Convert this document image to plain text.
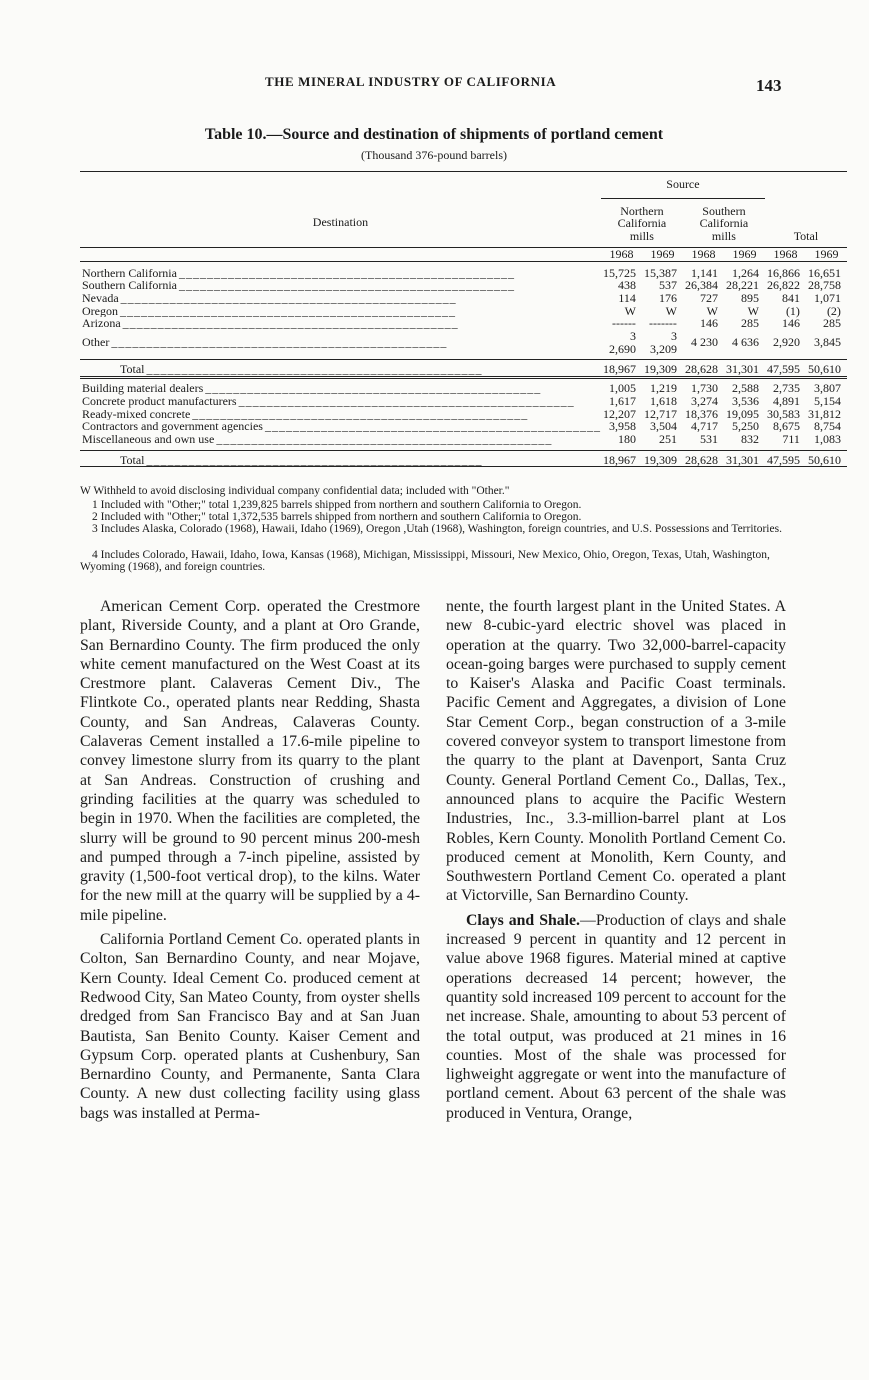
THE MINERAL INDUSTRY OF CALIFORNIA	143
Table 10.—Source and destination of shipments of portland cement
(Thousand 376-pound barrels)

Destination	Source					
	Northern California mills		Southern California mills		Total	
	1968	1969	1968	1969	1968	1969

Northern California _ _ _ _ _ _ _ _ _ _ _ _ _ _ _ _ _ _ _ _ _ _ _ _ _ _ _ _ _ _ _ _ _ _ _ _ _ _ _ _ _ _ _ _ _ _ _ _	15,725	15,387	1,141	1,264	16,866	16,651
Southern California _ _ _ _ _ _ _ _ _ _ _ _ _ _ _ _ _ _ _ _ _ _ _ _ _ _ _ _ _ _ _ _ _ _ _ _ _ _ _ _ _ _ _ _ _ _ _ _	438	537	26,384	28,221	26,822	28,758
Nevada _ _ _ _ _ _ _ _ _ _ _ _ _ _ _ _ _ _ _ _ _ _ _ _ _ _ _ _ _ _ _ _ _ _ _ _ _ _ _ _ _ _ _ _ _ _ _ _	114	176	727	895	841	1,071
Oregon _ _ _ _ _ _ _ _ _ _ _ _ _ _ _ _ _ _ _ _ _ _ _ _ _ _ _ _ _ _ _ _ _ _ _ _ _ _ _ _ _ _ _ _ _ _ _ _	W	W	W	W	(1)	(2)
Arizona _ _ _ _ _ _ _ _ _ _ _ _ _ _ _ _ _ _ _ _ _ _ _ _ _ _ _ _ _ _ _ _ _ _ _ _ _ _ _ _ _ _ _ _ _ _ _ _	------	-------	146	285	146	285
Other _ _ _ _ _ _ _ _ _ _ _ _ _ _ _ _ _ _ _ _ _ _ _ _ _ _ _ _ _ _ _ _ _ _ _ _ _ _ _ _ _ _ _ _ _ _ _ _	3 2,690	3 3,209	4 230	4 636	2,920	3,845

Total _ _ _ _ _ _ _ _ _ _ _ _ _ _ _ _ _ _ _ _ _ _ _ _ _ _ _ _ _ _ _ _ _ _ _ _ _ _ _ _ _ _ _ _ _ _ _ _	18,967	19,309	28,628	31,301	47,595	50,610

Building material dealers _ _ _ _ _ _ _ _ _ _ _ _ _ _ _ _ _ _ _ _ _ _ _ _ _ _ _ _ _ _ _ _ _ _ _ _ _ _ _ _ _ _ _ _ _ _ _ _	1,005	1,219	1,730	2,588	2,735	3,807
Concrete product manufacturers _ _ _ _ _ _ _ _ _ _ _ _ _ _ _ _ _ _ _ _ _ _ _ _ _ _ _ _ _ _ _ _ _ _ _ _ _ _ _ _ _ _ _ _ _ _ _ _	1,617	1,618	3,274	3,536	4,891	5,154
Ready-mixed concrete _ _ _ _ _ _ _ _ _ _ _ _ _ _ _ _ _ _ _ _ _ _ _ _ _ _ _ _ _ _ _ _ _ _ _ _ _ _ _ _ _ _ _ _ _ _ _ _	12,207	12,717	18,376	19,095	30,583	31,812
Contractors and government agencies _ _ _ _ _ _ _ _ _ _ _ _ _ _ _ _ _ _ _ _ _ _ _ _ _ _ _ _ _ _ _ _ _ _ _ _ _ _ _ _ _ _ _ _ _ _ _ _	3,958	3,504	4,717	5,250	8,675	8,754
Miscellaneous and own use _ _ _ _ _ _ _ _ _ _ _ _ _ _ _ _ _ _ _ _ _ _ _ _ _ _ _ _ _ _ _ _ _ _ _ _ _ _ _ _ _ _ _ _ _ _ _ _	180	251	531	832	711	1,083

Total _ _ _ _ _ _ _ _ _ _ _ _ _ _ _ _ _ _ _ _ _ _ _ _ _ _ _ _ _ _ _ _ _ _ _ _ _ _ _ _ _ _ _ _ _ _ _ _	18,967	19,309	28,628	31,301	47,595	50,610

W Withheld to avoid disclosing individual company confidential data; included with "Other."
1 Included with "Other;" total 1,239,825 barrels shipped from northern and southern California to Oregon.
2 Included with "Other;" total 1,372,535 barrels shipped from northern and southern California to Oregon.
3 Includes Alaska, Colorado (1968), Hawaii, Idaho (1969), Oregon ,Utah (1968), Washington, foreign countries, and U.S. Possessions and Territories.
4 Includes Colorado, Hawaii, Idaho, Iowa, Kansas (1968), Michigan, Mississippi, Missouri, New Mexico, Ohio, Oregon, Texas, Utah, Washington, Wyoming (1968), and foreign countries.

American Cement Corp. operated the Crestmore plant, Riverside County, and a plant at Oro Grande, San Bernardino County. The firm produced the only white cement manufactured on the West Coast at its Crestmore plant. Calaveras Cement Div., The Flintkote Co., operated plants near Redding, Shasta County, and San Andreas, Calaveras County. Calaveras Cement installed a 17.6-mile pipeline to convey limestone slurry from its quarry to the plant at San Andreas. Construction of crushing and grinding facilities at the quarry was scheduled to begin in 1970. When the facilities are completed, the slurry will be ground to 90 percent minus 200-mesh and pumped through a 7-inch pipeline, assisted by gravity (1,500-foot vertical drop), to the kilns. Water for the new mill at the quarry will be supplied by a 4-mile pipeline.

California Portland Cement Co. operated plants in Colton, San Bernardino County, and near Mojave, Kern County. Ideal Cement Co. produced cement at Redwood City, San Mateo County, from oyster shells dredged from San Francisco Bay and at San Juan Bautista, San Benito County. Kaiser Cement and Gypsum Corp. operated plants at Cushenbury, San Bernardino County, and Permanente, Santa Clara County. A new dust collecting facility using glass bags was installed at Perma-

nente, the fourth largest plant in the United States. A new 8-cubic-yard electric shovel was placed in operation at the quarry. Two 32,000-barrel-capacity ocean-going barges were purchased to supply cement to Kaiser's Alaska and Pacific Coast terminals. Pacific Cement and Aggregates, a division of Lone Star Cement Corp., began construction of a 3-mile covered conveyor system to transport limestone from the quarry to the plant at Davenport, Santa Cruz County. General Portland Cement Co., Dallas, Tex., announced plans to acquire the Pacific Western Industries, Inc., 3.3-million-barrel plant at Los Robles, Kern County. Monolith Portland Cement Co. produced cement at Monolith, Kern County, and Southwestern Portland Cement Co. operated a plant at Victorville, San Bernardino County.

Clays and Shale.—Production of clays and shale increased 9 percent in quantity and 12 percent in value above 1968 figures. Material mined at captive operations decreased 14 percent; however, the quantity sold increased 109 percent to account for the net increase. Shale, amounting to about 53 percent of the total output, was produced at 21 mines in 16 counties. Most of the shale was processed for lighweight aggregate or went into the manufacture of portland cement. About 63 percent of the shale was produced in Ventura, Orange,
